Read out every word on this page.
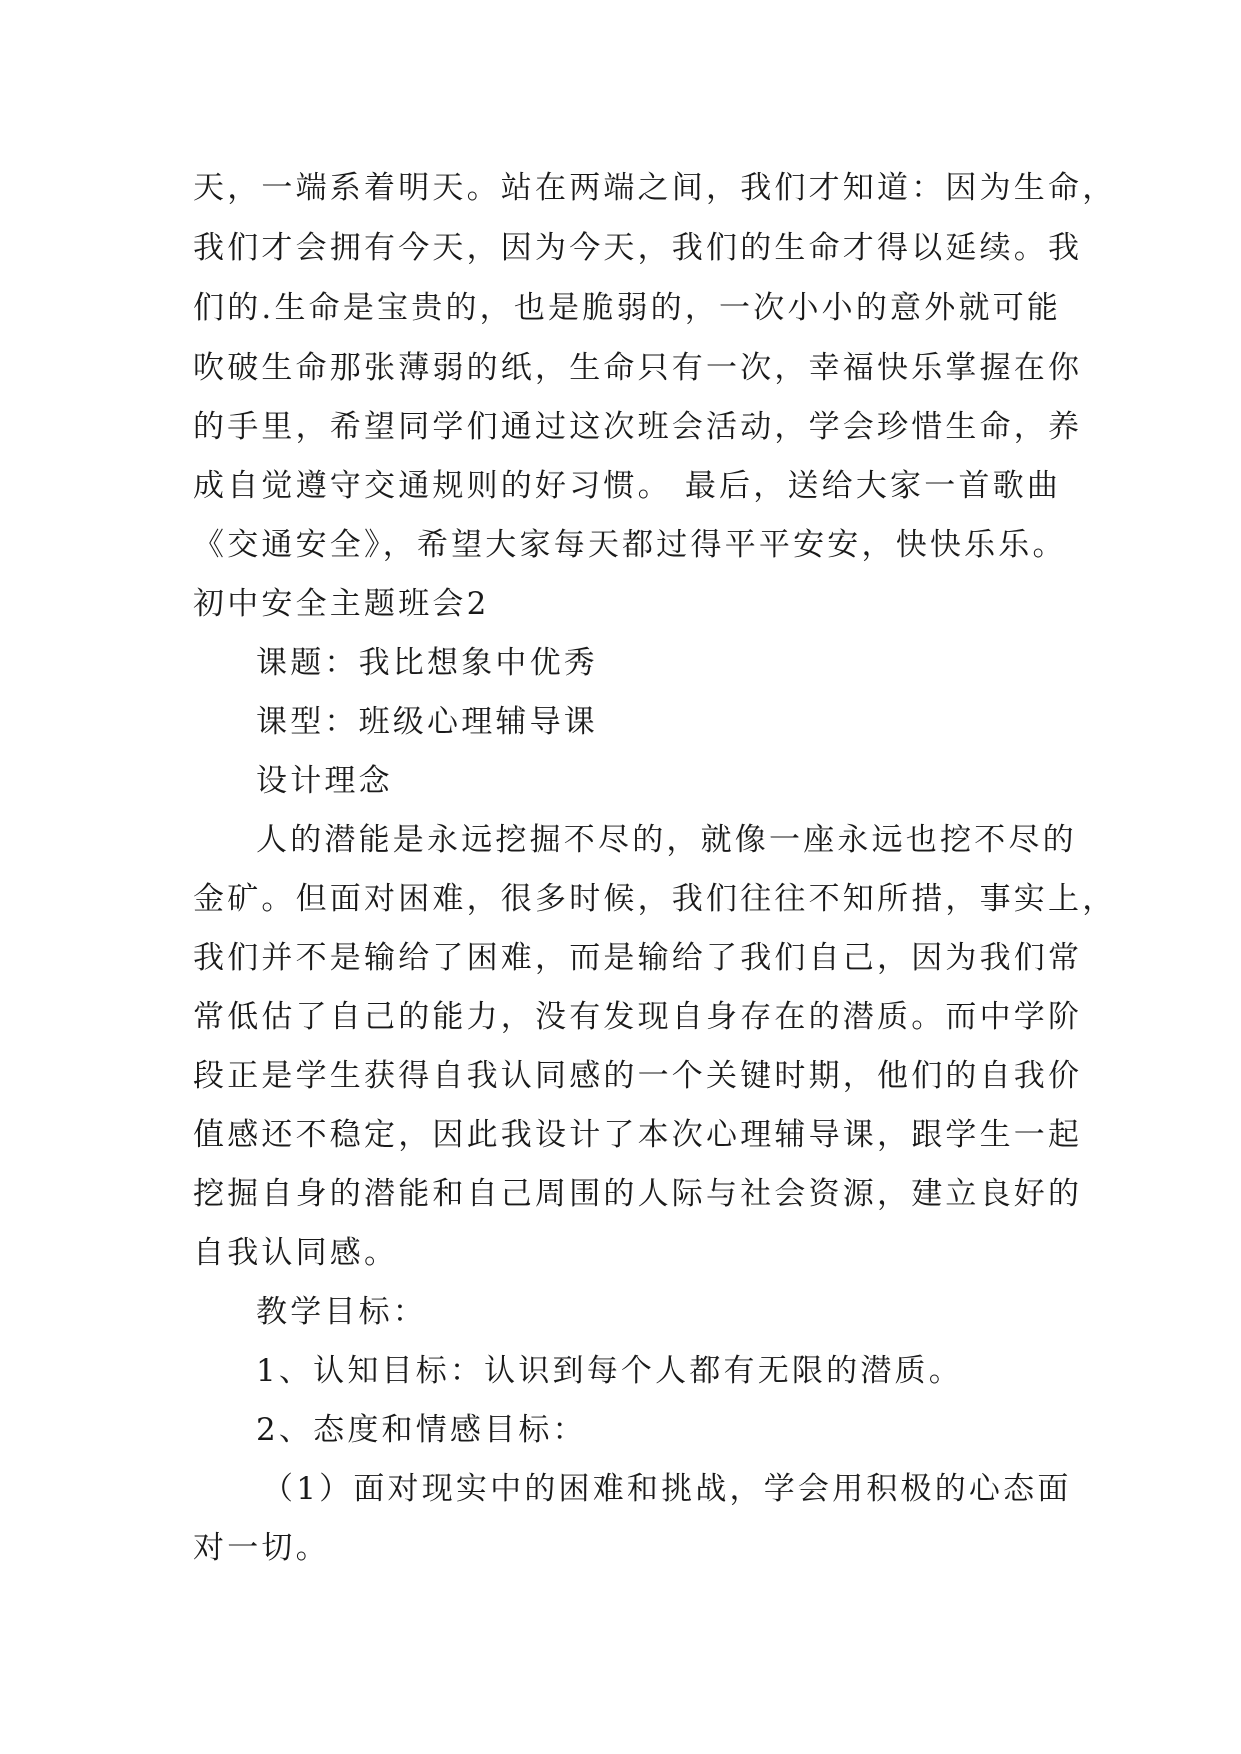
天，一端系着明天。站在两端之间，我们才知道：因为生命，
我们才会拥有今天，因为今天，我们的生命才得以延续。我
们的.生命是宝贵的，也是脆弱的，一次小小的意外就可能
吹破生命那张薄弱的纸，生命只有一次，幸福快乐掌握在你
的手里，希望同学们通过这次班会活动，学会珍惜生命，养
成自觉遵守交通规则的好习惯。 最后，送给大家一首歌曲
《交通安全》，希望大家每天都过得平平安安，快快乐乐。
初中安全主题班会2
课题：我比想象中优秀
课型：班级心理辅导课
设计理念
人的潜能是永远挖掘不尽的，就像一座永远也挖不尽的
金矿。但面对困难，很多时候，我们往往不知所措，事实上，
我们并不是输给了困难，而是输给了我们自己，因为我们常
常低估了自己的能力，没有发现自身存在的潜质。而中学阶
段正是学生获得自我认同感的一个关键时期，他们的自我价
值感还不稳定，因此我设计了本次心理辅导课，跟学生一起
挖掘自身的潜能和自己周围的人际与社会资源，建立良好的
自我认同感。
教学目标：
1、认知目标：认识到每个人都有无限的潜质。
2、态度和情感目标：
（1）面对现实中的困难和挑战，学会用积极的心态面
对一切。
